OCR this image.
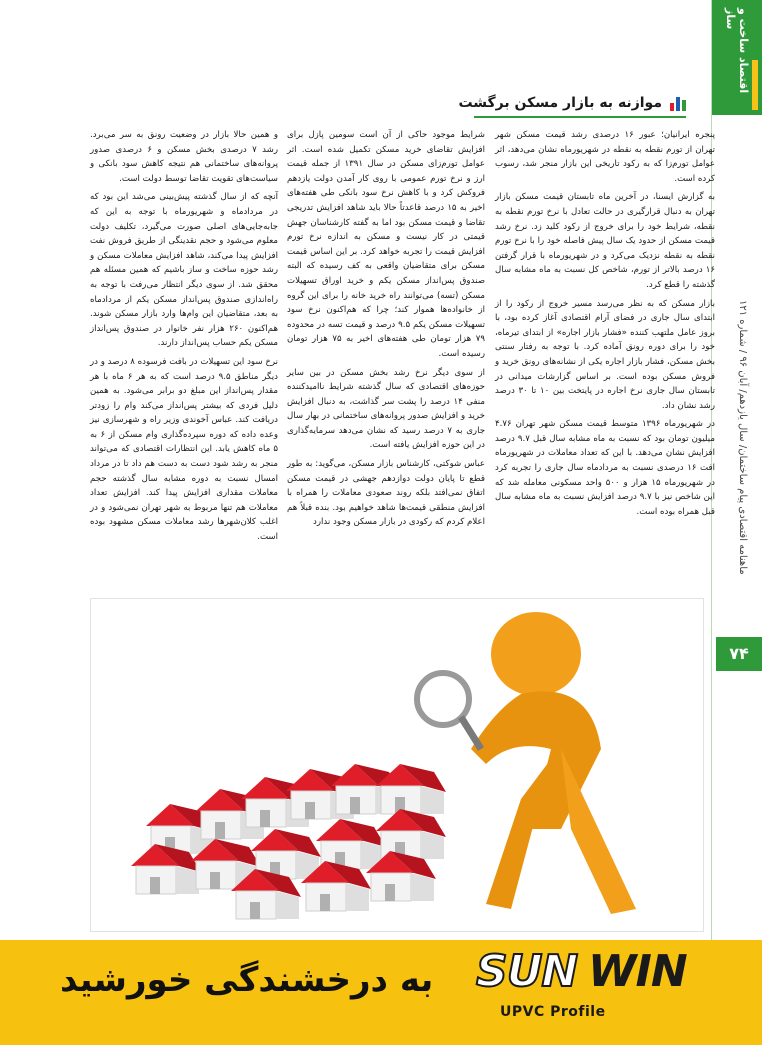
اقتصاد ساخت و ساز
ماهنامه اقتصادی پیام ساختمان/ سال یازدهم/ آبان ۹۶ / شماره ۱۲۱
۷۴
موازنه به بازار مسکن برگشت

پنجره ایرانیان؛ عبور ۱۶ درصدی رشد قیمت مسکن شهر تهران از تورم نقطه به نقطه در شهریورماه نشان می‌دهد، اثر عوامل تورم‌زا که به رکود تاریخی این بازار منجر شد، رسوب کرده است.

به گزارش ایسنا، در آخرین ماه تابستان قیمت مسکن بازار تهران به دنبال قرارگیری در حالت تعادل با نرخ تورم نقطه به نقطه، شرایط خود را برای خروج از رکود کلید زد. نرخ رشد قیمت مسکن از حدود یک سال پیش فاصله خود را با نرخ تورم نقطه به نقطه نزدیک می‌کرد و در شهریورماه با قرار گرفتن ۱۶ درصد بالاتر از تورم، شاخص کل نسبت به ماه مشابه سال گذشته را قطع کرد.

بازار مسکن که به نظر می‌رسد مسیر خروج از رکود را از ابتدای سال جاری در فضای آرام اقتصادی آغاز کرده بود، با بروز عامل ملتهب کننده «فشار بازار اجاره» از ابتدای تیرماه، خود را برای دوره رونق آماده کرد. با توجه به رفتار سنتی بخش مسکن، فشار بازار اجاره یکی از نشانه‌های رونق خرید و فروش مسکن بوده است. بر اساس گزارشات میدانی در تابستان سال جاری نرخ اجاره در پایتخت بین ۱۰ تا ۳۰ درصد رشد نشان داد.

در شهریورماه ۱۳۹۶ متوسط قیمت مسکن شهر تهران ۴.۷۶ میلیون تومان بود که نسبت به ماه مشابه سال قبل ۹.۷ درصد افزایش نشان می‌دهد. با این که تعداد معاملات در شهریورماه افت ۱۶ درصدی نسبت به مردادماه سال جاری را تجربه کرد در شهریورماه ۱۵ هزار و ۵۰۰ واحد مسکونی معامله شد که این شاخص نیز با ۹.۷ درصد افزایش نسبت به ماه مشابه سال قبل همراه بوده است.

شرایط موجود حاکی از آن است سومین پازل برای افزایش تقاضای خرید مسکن تکمیل شده است. اثر عوامل تورم‌زای مسکن در سال ۱۳۹۱ از جمله قیمت ارز و نرخ تورم عمومی با روی کار آمدن دولت یازدهم فروکش کرد و با کاهش نرخ سود بانکی طی هفته‌های اخیر به ۱۵ درصد قاعدتاً حالا باید شاهد افزایش تدریجی تقاضا و قیمت مسکن بود اما به گفته کارشناسان جهش قیمتی در کار نیست و مسکن به اندازه نرخ تورم افزایش قیمت را تجربه خواهد کرد. بر این اساس قیمت مسکن برای متقاضیان واقعی به کف رسیده که البته صندوق پس‌انداز مسکن یکم و خرید اوراق تسهیلات مسکن (تسه) می‌توانند راه خرید خانه را برای این گروه از خانواده‌ها هموار کند؛ چرا که هم‌اکنون نرخ سود تسهیلات مسکن یکم ۹.۵ درصد و قیمت تسه در محدوده ۷۹ هزار تومان طی هفته‌های اخیر به ۷۵ هزار تومان رسیده است.

از سوی دیگر نرخ رشد بخش مسکن در بین سایر حوزه‌های اقتصادی که سال گذشته شرایط ناامیدکننده منفی ۱۴ درصد را پشت سر گذاشت، به دنبال افزایش خرید و افزایش صدور پروانه‌های ساختمانی در بهار سال جاری به ۷ درصد رسید که نشان می‌دهد سرمایه‌گذاری در این حوزه افزایش یافته است.

عباس شوکتی، کارشناس بازار مسکن، می‌گوید: به طور قطع تا پایان دولت دوازدهم جهشی در قیمت مسکن اتفاق نمی‌افتد بلکه روند صعودی معاملات را همراه با افزایش منطقی قیمت‌ها شاهد خواهیم بود. بنده قبلاً هم اعلام کردم که رکودی در بازار مسکن وجود ندارد

و همین حالا بازار در وضعیت رونق به سر می‌برد. رشد ۷ درصدی بخش مسکن و ۶ درصدی صدور پروانه‌های ساختمانی هم نتیجه کاهش سود بانکی و سیاست‌های تقویت تقاضا توسط دولت است.

آنچه که از سال گذشته پیش‌بینی می‌شد این بود که در مردادماه و شهریورماه با توجه به این که جابه‌جایی‌های اصلی صورت می‌گیرد، تکلیف دولت معلوم می‌شود و حجم نقدینگی از طریق فروش نفت افزایش پیدا می‌کند، شاهد افزایش معاملات مسکن و رشد حوزه ساخت و ساز باشیم که همین مسئله هم محقق شد. از سوی دیگر انتظار می‌رفت با توجه به راه‌اندازی صندوق پس‌انداز مسکن یکم از مردادماه به بعد، متقاضیان این وام‌ها وارد بازار مسکن شوند. هم‌اکنون ۲۶۰ هزار نفر خانوار در صندوق پس‌انداز مسکن یکم حساب پس‌انداز دارند.

نرخ سود این تسهیلات در بافت فرسوده ۸ درصد و در دیگر مناطق ۹.۵ درصد است که به هر ۶ ماه با هر مقدار پس‌انداز این مبلغ دو برابر می‌شود. به همین دلیل فردی که بیشتر پس‌انداز می‌کند وام را زودتر دریافت کند. عباس آخوندی وزیر راه و شهرسازی نیز وعده داده که دوره سپرده‌گذاری وام مسکن از ۶ به ۵ ماه کاهش یابد. این انتظارات اقتصادی که می‌تواند منجر به رشد شود دست به دست هم داد تا در مرداد امسال نسبت به دوره مشابه سال گذشته حجم معاملات مقداری افزایش پیدا کند. افزایش تعداد معاملات هم تنها مربوط به شهر تهران نمی‌شود و در اغلب کلان‌شهرها رشد معاملات مسکن مشهود بوده است.

به درخشندگی خورشید SUN WIN
UPVC Profile
